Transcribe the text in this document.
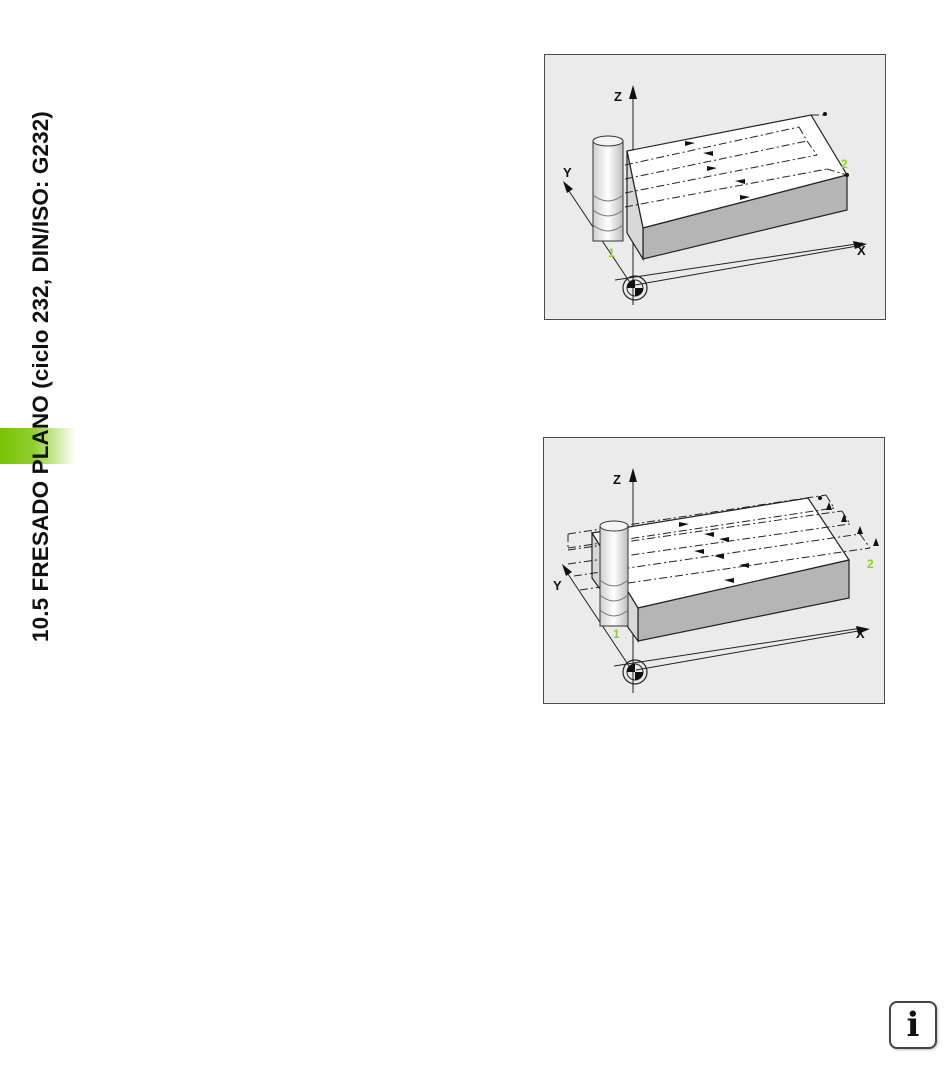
10.5 FRESADO PLANO (ciclo 232, DIN/ISO: G232)
Z
Y
X
1
2
Z
Y
X
1
2
i
